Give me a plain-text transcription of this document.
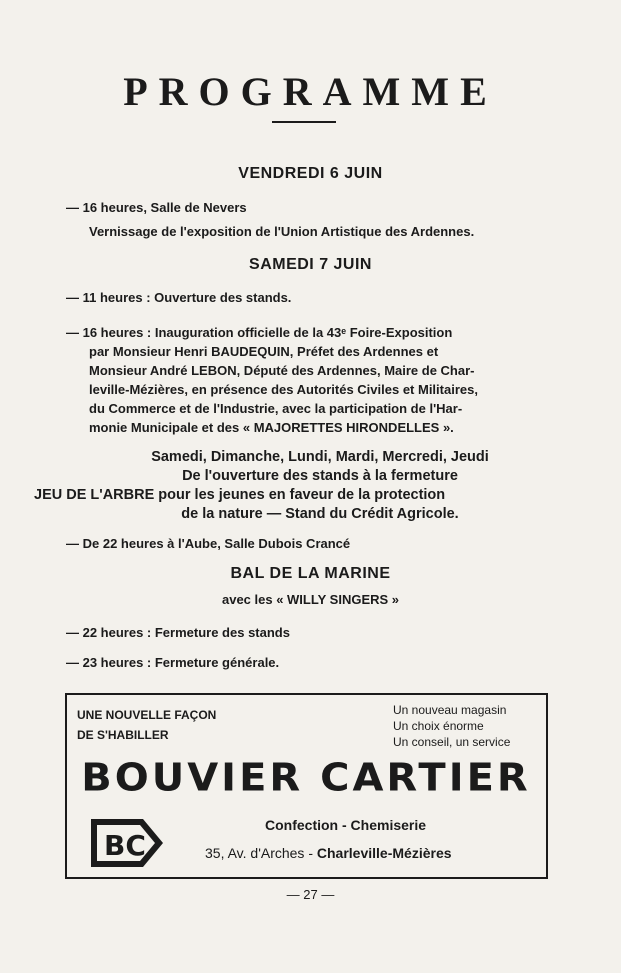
PROGRAMME
VENDREDI 6 JUIN
— 16 heures, Salle de Nevers
Vernissage de l'exposition de l'Union Artistique des Ardennes.
SAMEDI 7 JUIN
— 11 heures : Ouverture des stands.
— 16 heures : Inauguration officielle de la 43ᵉ Foire-Exposition
par Monsieur Henri BAUDEQUIN, Préfet des Ardennes et
Monsieur André LEBON, Député des Ardennes, Maire de Char-
leville-Mézières, en présence des Autorités Civiles et Militaires,
du Commerce et de l'Industrie, avec la participation de l'Har-
monie Municipale et des « MAJORETTES HIRONDELLES ».
Samedi, Dimanche, Lundi, Mardi, Mercredi, Jeudi
De l'ouverture des stands à la fermeture
JEU DE L'ARBRE pour les jeunes en faveur de la protection
de la nature — Stand du Crédit Agricole.
— De 22 heures à l'Aube, Salle Dubois Crancé
BAL DE LA MARINE
avec les « WILLY SINGERS »
— 22 heures : Fermeture des stands
— 23 heures : Fermeture générale.
UNE NOUVELLE FAÇON
DE S'HABILLER
Un nouveau magasin
Un choix énorme
Un conseil, un service
BOUVIER CARTIER
BC
Confection - Chemiserie
35, Av. d'Arches - Charleville-Mézières
— 27 —
